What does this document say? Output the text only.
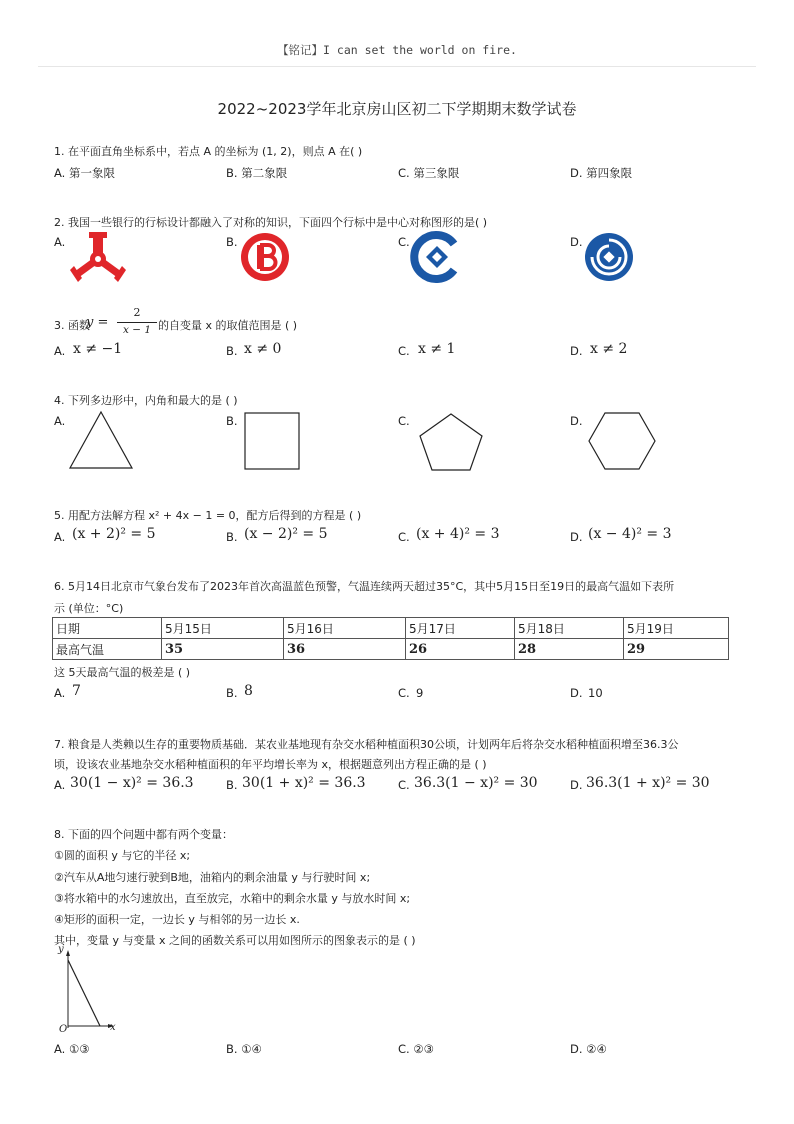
【铭记】I can set the world on fire.
2022~2023学年北京房山区初二下学期期末数学试卷
1. 在平面直角坐标系中，若点 A 的坐标为 (1, 2)，则点 A 在( )
A. 第一象限	B. 第二象限	C. 第三象限	D. 第四象限
2. 我国一些银行的行标设计都融入了对称的知识，下面四个行标中是中心对称图形的是( )
A.	B.	C.	D.
3. 函数
y =
2
x − 1 的自变量 x 的取值范围是 ( )
A. x ≠ −1	B. x ≠ 0	C. x ≠ 1	D. x ≠ 2
4. 下列多边形中，内角和最大的是 ( )
A.	B.	C.	D.
5. 用配方法解方程 x² + 4x − 1 = 0，配方后得到的方程是 ( )
A. (x + 2)² = 5	B. (x − 2)² = 5	C. (x + 4)² = 3	D. (x − 4)² = 3
6. 5月14日北京市气象台发布了2023年首次高温蓝色预警，气温连续两天超过35°C，其中5月15日至19日的最高气温如下表所
示 (单位：°C)
日期	5月15日	5月16日	5月17日	5月18日	5月19日
最高气温	35	36	26	28	29
这 5天最高气温的极差是 ( )
A. 7	B. 8	C. 9	D. 10
7. 粮食是人类赖以生存的重要物质基础．某农业基地现有杂交水稻种植面积30公顷，计划两年后将杂交水稻种植面积增至36.3公
顷，设该农业基地杂交水稻种植面积的年平均增长率为 x，根据题意列出方程正确的是 ( )
A. 30(1 − x)² = 36.3	B. 30(1 + x)² = 36.3	C. 36.3(1 − x)² = 30	D. 36.3(1 + x)² = 30
8. 下面的四个问题中都有两个变量：
①圆的面积 y 与它的半径 x;
②汽车从A地匀速行驶到B地，油箱内的剩余油量 y 与行驶时间 x;
③将水箱中的水匀速放出，直至放完，水箱中的剩余水量 y 与放水时间 x;
④矩形的面积一定，一边长 y 与相邻的另一边长 x.
其中，变量 y 与变量 x 之间的函数关系可以用如图所示的图象表示的是 ( )
y
x
O
A. ①③	B. ①④	C. ②③	D. ②④
